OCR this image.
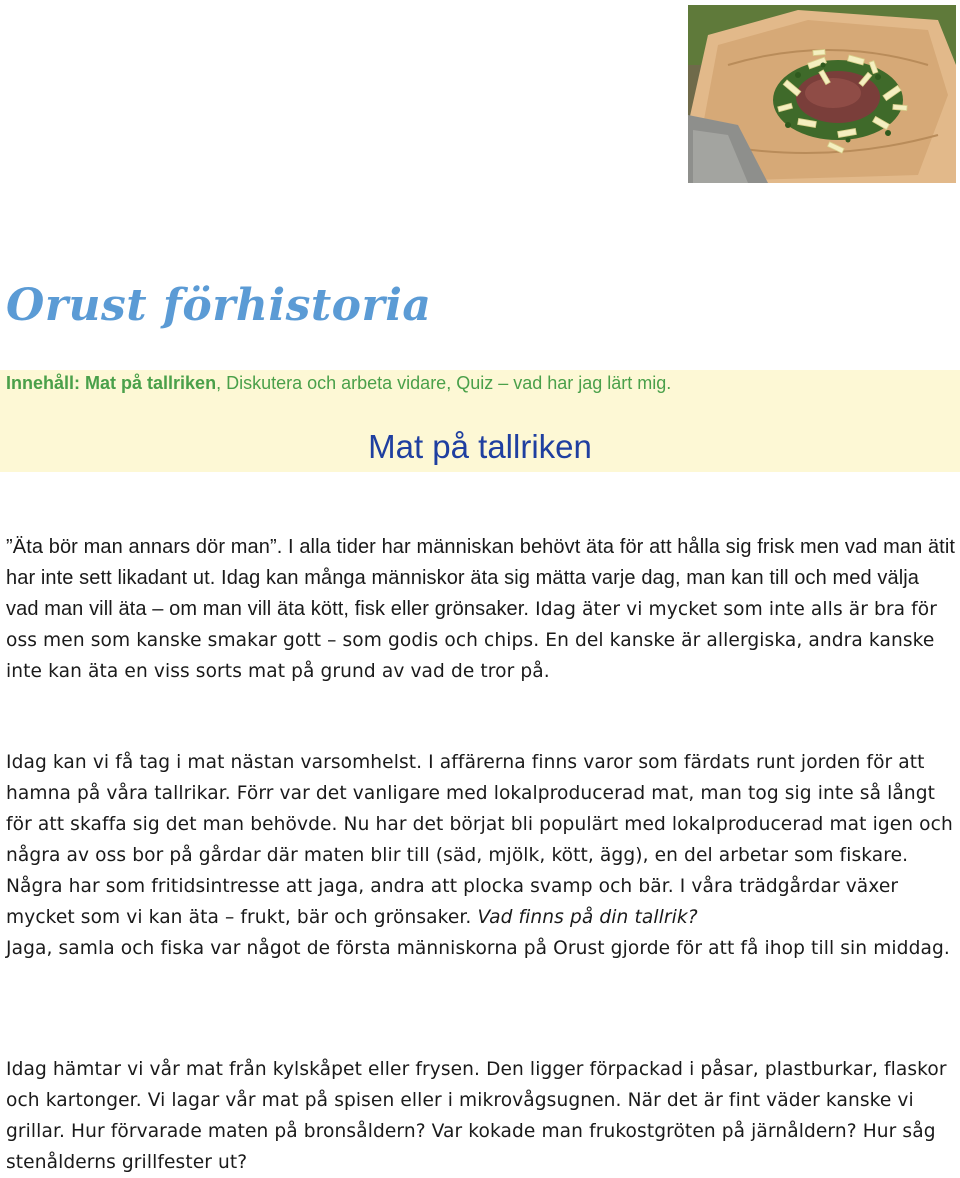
Orust förhistoria

Innehåll: Mat på tallriken, Diskutera och arbeta vidare, Quiz – vad har jag lärt mig.

Mat på tallriken

”Äta bör man annars dör man”. I alla tider har människan behövt äta för att hålla sig frisk men vad man ätit har inte sett likadant ut. Idag kan många människor äta sig mätta varje dag, man kan till och med välja vad man vill äta – om man vill äta kött, fisk eller grönsaker. Idag äter vi mycket som inte alls är bra för oss men som kanske smakar gott – som godis och chips. En del kanske är allergiska, andra kanske inte kan äta en viss sorts mat på grund av vad de tror på.

Idag kan vi få tag i mat nästan varsomhelst. I affärerna finns varor som färdats runt jorden för att hamna på våra tallrikar. Förr var det vanligare med lokalproducerad mat, man tog sig inte så långt för att skaffa sig det man behövde. Nu har det börjat bli populärt med lokalproducerad mat igen och några av oss bor på gårdar där maten blir till (säd, mjölk, kött, ägg), en del arbetar som fiskare. Några har som fritidsintresse att jaga, andra att plocka svamp och bär. I våra trädgårdar växer mycket som vi kan äta – frukt, bär och grönsaker. Vad finns på din tallrik?
Jaga, samla och fiska var något de första människorna på Orust gjorde för att få ihop till sin middag.

Idag hämtar vi vår mat från kylskåpet eller frysen. Den ligger förpackad i påsar, plastburkar, flaskor och kartonger. Vi lagar vår mat på spisen eller i mikrovågsugnen. När det är fint väder kanske vi grillar. Hur förvarade maten på bronsåldern? Var kokade man frukostgröten på järnåldern? Hur såg stenålderns grillfester ut?
